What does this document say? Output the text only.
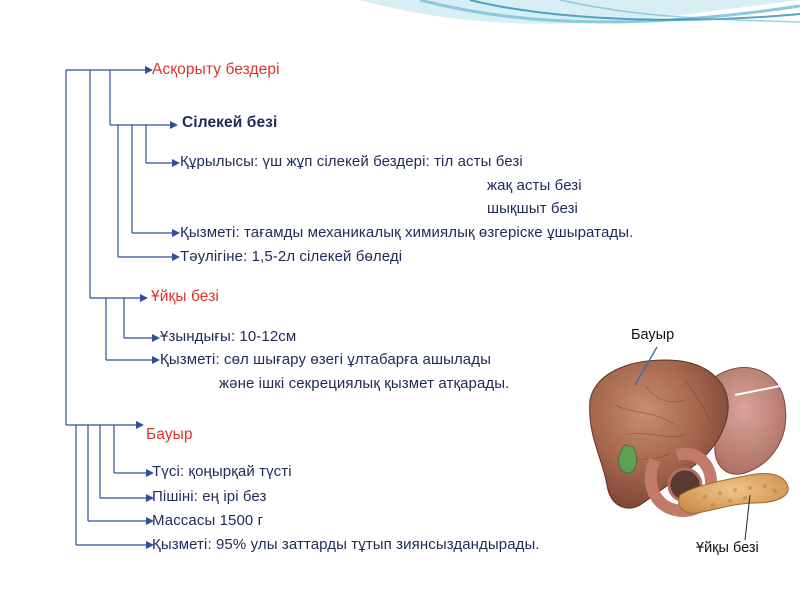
Асқорыту бездері
Сілекей безі
Ұйқы безі
Бауыр
Құрылысы: үш жұп сілекей бездері: тіл асты безі
жақ асты безі
шықшыт безі
Қызметі: тағамды механикалық химиялық өзгеріске ұшыратады.
Тәулігіне: 1,5-2л сілекей бөледі
Ұзындығы: 10-12см
Қызметі: сөл шығару өзегі ұлтабарға ашылады
және ішкі секрециялық қызмет атқарады.
Түсі: қоңырқай түсті
Пішіні: ең ірі без
Массасы 1500 г
Қызметі: 95% улы заттарды тұтып зиянсыздандырады.
Бауыр
Ұйқы безі
